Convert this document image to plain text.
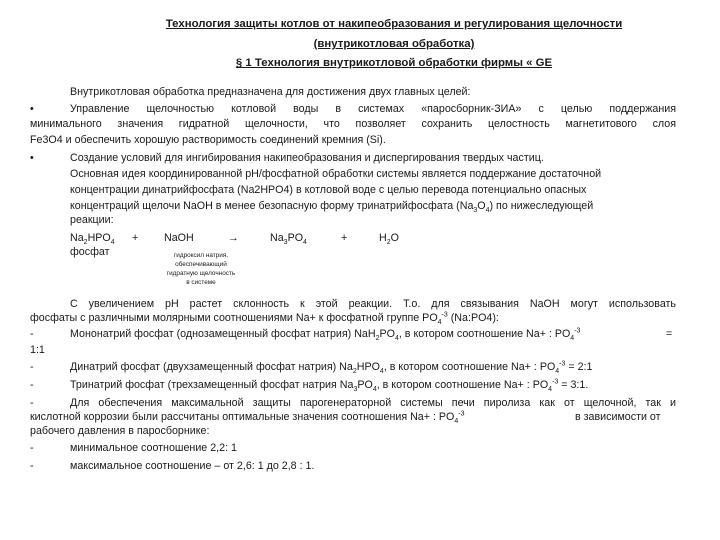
Технология защиты котлов от накипеобразования и регулирования щелочности
(внутрикотловая обработка)
§ 1 Технология внутрикотловой обработки фирмы « GE
Внутрикотловая обработка предназначена для достижения двух главных целей:
•	Управление щелочностью котловой воды в системах «паросборник-ЗИА» с целью поддержания
минимального значения гидратной щелочности, что позволяет сохранить целостность магнетитового слоя
Fe3O4 и обеспечить хорошую растворимость соединений кремния (Si).
•	Создание условий для ингибирования накипеобразования и диспергирования твердых частиц.
Основная идея координированной рН/фосфатной обработки системы является поддержание достаточной
концентрации динатрийфосфата (Na2HPO4) в котловой воде с целью перевода потенциально опасных
концентраций щелочи NaOH в менее безопасную форму тринатрийфосфата $(Na_3O_4)$ по нижеследующей
реакции:
$Na_2HPO_4$ + NaOH	→	$Na_3PO_4$	+	$H_2O$
фосфат	гидроксил натрия,
обеспечивающий
гидратную щелочность
в системе
С увеличением рН растет склонность к этой реакции. Т.о. для связывания NaOH могут использовать
фосфаты с различными молярными соотношениями Na+ к фосфатной группе $PO_4^{-3}$ (Na:PO4):
-	Мононатрий фосфат (однозамещенный фосфат натрия) $NaH_2PO_4$, в котором соотношение Na+ : $PO_4^{-3}$	=
1:1
-	Динатрий фосфат (двухзамещенный фосфат натрия) $Na_2HPO_4$, в котором соотношение Na+ : $PO_4^{-3}$ = 2:1
-	Тринатрий фосфат (трехзамещенный фосфат натрия $Na_3PO_4$, в котором соотношение Na+ : $PO_4^{-3}$ = 3:1.
-	Для обеспечения максимальной защиты парогенераторной системы печи пиролиза как от щелочной, так и
кислотной коррозии были рассчитаны оптимальные значения соотношения Na+ : $PO_4^{-3}$	в зависимости от
рабочего давления в паросборнике:
-	минимальное соотношение 2,2: 1
-	максимальное соотношение – от 2,6: 1 до 2,8 : 1.
